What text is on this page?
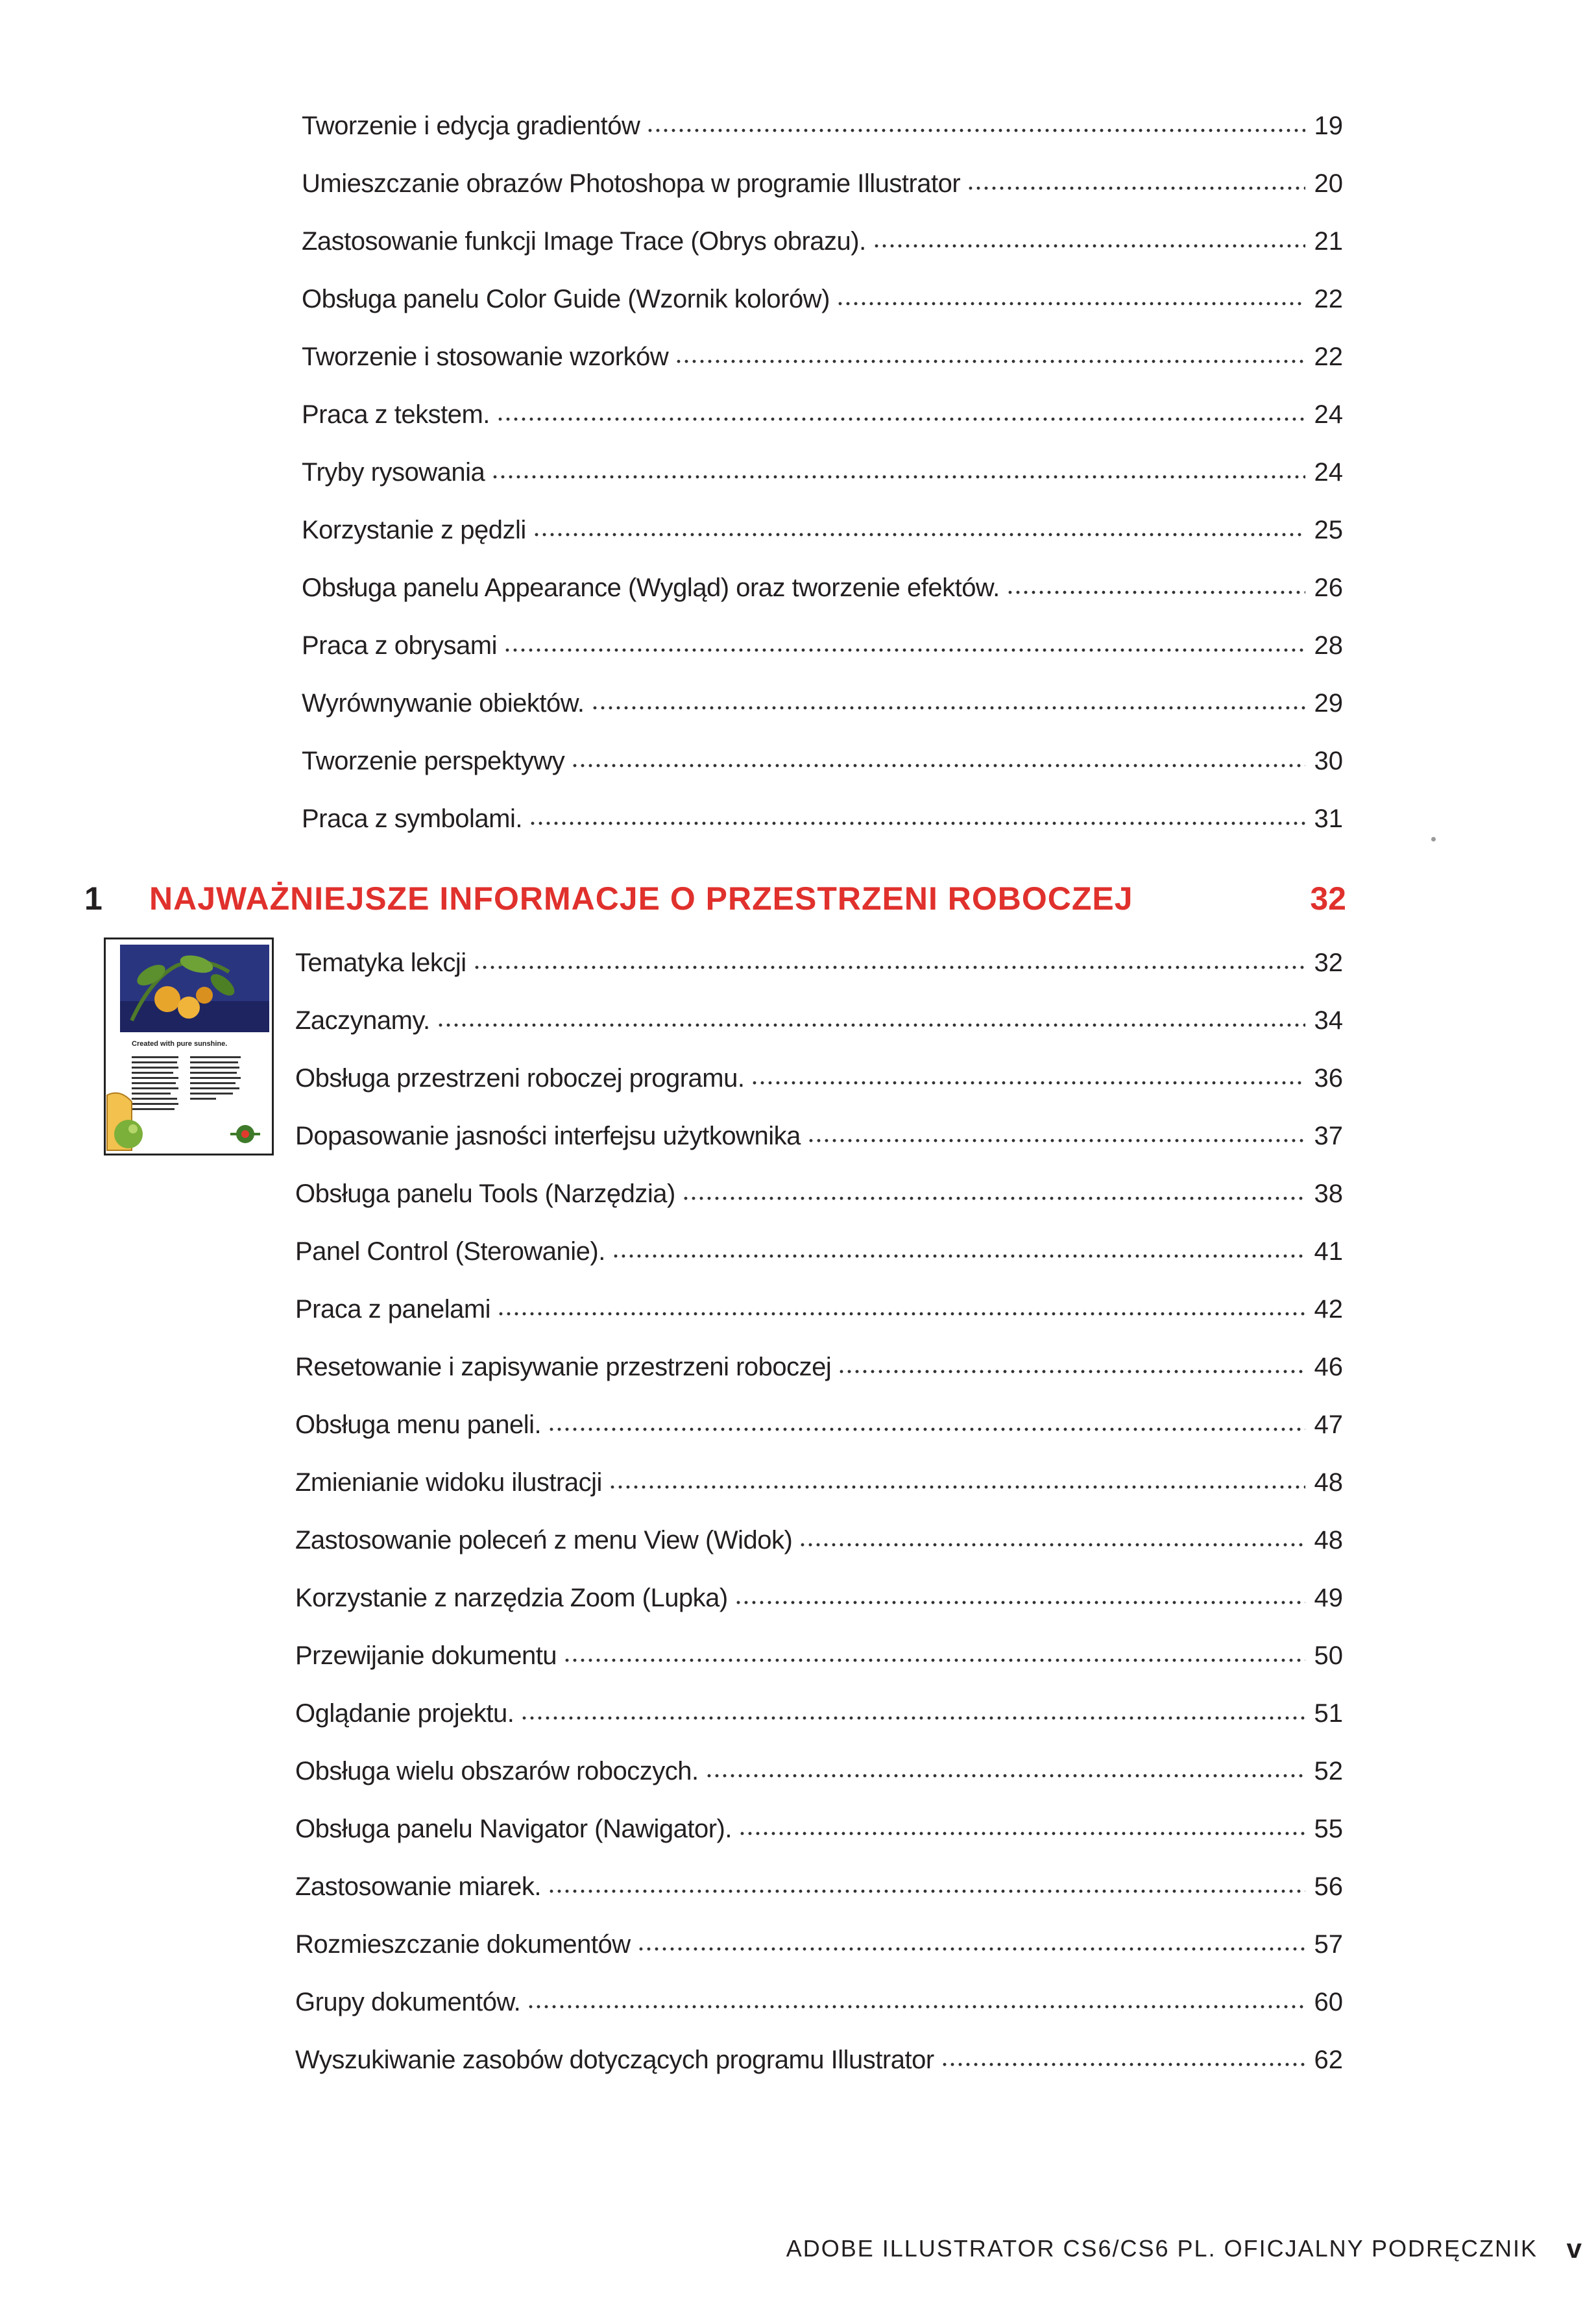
Tworzenie i edycja gradientów	19
Umieszczanie obrazów Photoshopa w programie Illustrator	20
Zastosowanie funkcji Image Trace (Obrys obrazu).	21
Obsługa panelu Color Guide (Wzornik kolorów)	22
Tworzenie i stosowanie wzorków	22
Praca z tekstem.	24
Tryby rysowania	24
Korzystanie z pędzli	25
Obsługa panelu Appearance (Wygląd) oraz tworzenie efektów.	26
Praca z obrysami	28
Wyrównywanie obiektów.	29
Tworzenie perspektywy	30
Praca z symbolami.	31
1 NAJWAŻNIEJSZE INFORMACJE O PRZESTRZENI ROBOCZEJ	32
Created with pure sunshine.
Tematyka lekcji	32
Zaczynamy.	34
Obsługa przestrzeni roboczej programu.	36
Dopasowanie jasności interfejsu użytkownika	37
Obsługa panelu Tools (Narzędzia)	38
Panel Control (Sterowanie).	41
Praca z panelami	42
Resetowanie i zapisywanie przestrzeni roboczej	46
Obsługa menu paneli.	47
Zmienianie widoku ilustracji	48
Zastosowanie poleceń z menu View (Widok)	48
Korzystanie z narzędzia Zoom (Lupka)	49
Przewijanie dokumentu	50
Oglądanie projektu.	51
Obsługa wielu obszarów roboczych.	52
Obsługa panelu Navigator (Nawigator).	55
Zastosowanie miarek.	56
Rozmieszczanie dokumentów	57
Grupy dokumentów.	60
Wyszukiwanie zasobów dotyczących programu Illustrator	62
ADOBE ILLUSTRATOR CS6/CS6 PL. OFICJALNY PODRĘCZNIK v
